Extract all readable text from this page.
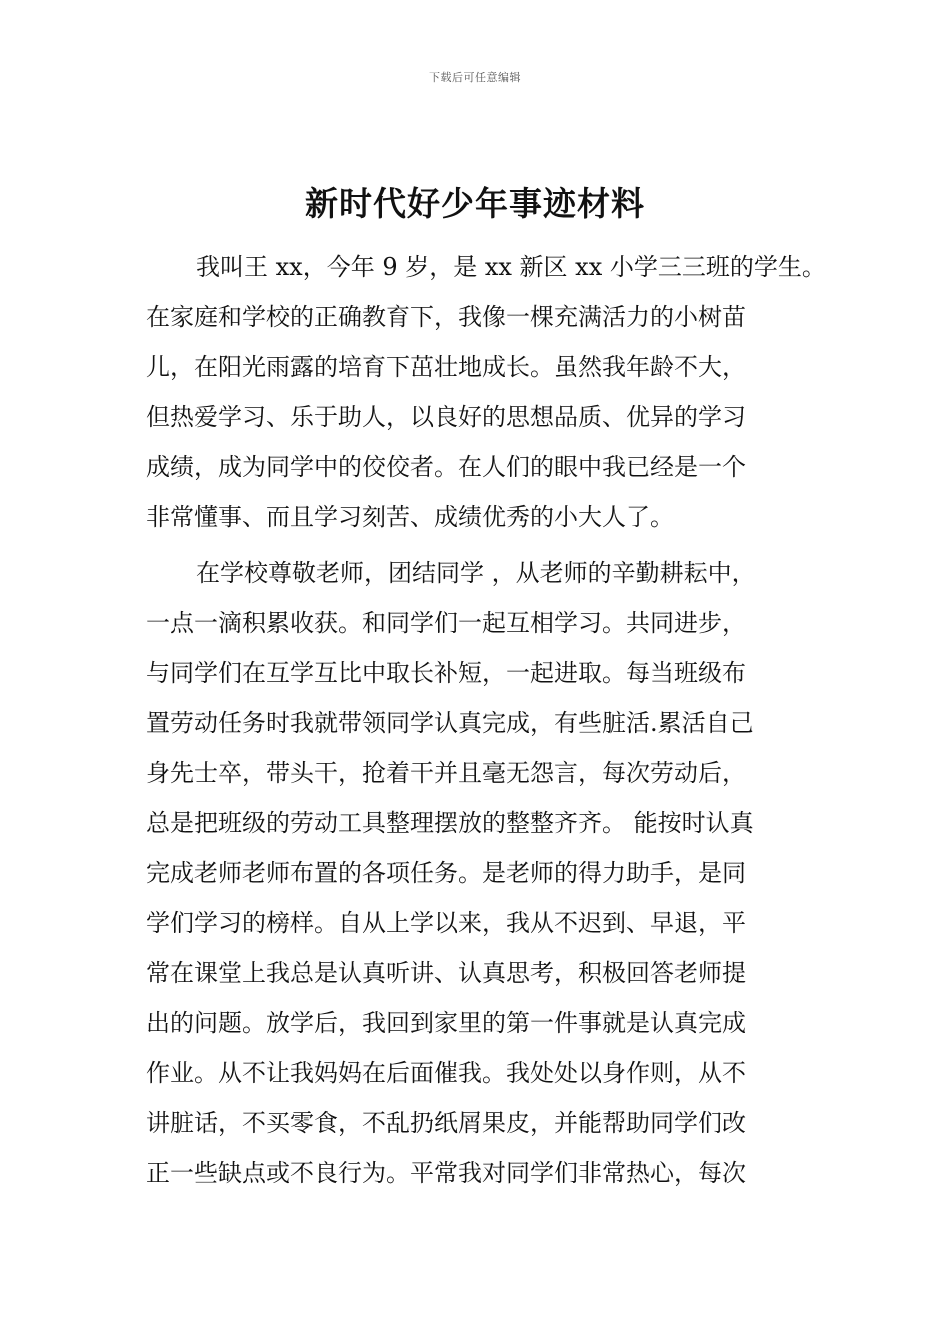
下载后可任意编辑
新时代好少年事迹材料
我叫王 xx，今年 9 岁，是 xx 新区 xx 小学三三班的学生。
在家庭和学校的正确教育下，我像一棵充满活力的小树苗
儿，在阳光雨露的培育下茁壮地成长。虽然我年龄不大，
但热爱学习、乐于助人，以良好的思想品质、优异的学习
成绩，成为同学中的佼佼者。在人们的眼中我已经是一个
非常懂事、而且学习刻苦、成绩优秀的小大人了。
在学校尊敬老师，团结同学 ，从老师的辛勤耕耘中，
一点一滴积累收获。和同学们一起互相学习。共同进步，
与同学们在互学互比中取长补短，一起进取。每当班级布
置劳动任务时我就带领同学认真完成，有些脏活.累活自己
身先士卒，带头干，抢着干并且毫无怨言，每次劳动后，
总是把班级的劳动工具整理摆放的整整齐齐。 能按时认真
完成老师老师布置的各项任务。是老师的得力助手，是同
学们学习的榜样。自从上学以来，我从不迟到、早退，平
常在课堂上我总是认真听讲、认真思考，积极回答老师提
出的问题。放学后，我回到家里的第一件事就是认真完成
作业。从不让我妈妈在后面催我。我处处以身作则，从不
讲脏话，不买零食，不乱扔纸屑果皮，并能帮助同学们改
正一些缺点或不良行为。平常我对同学们非常热心，每次
